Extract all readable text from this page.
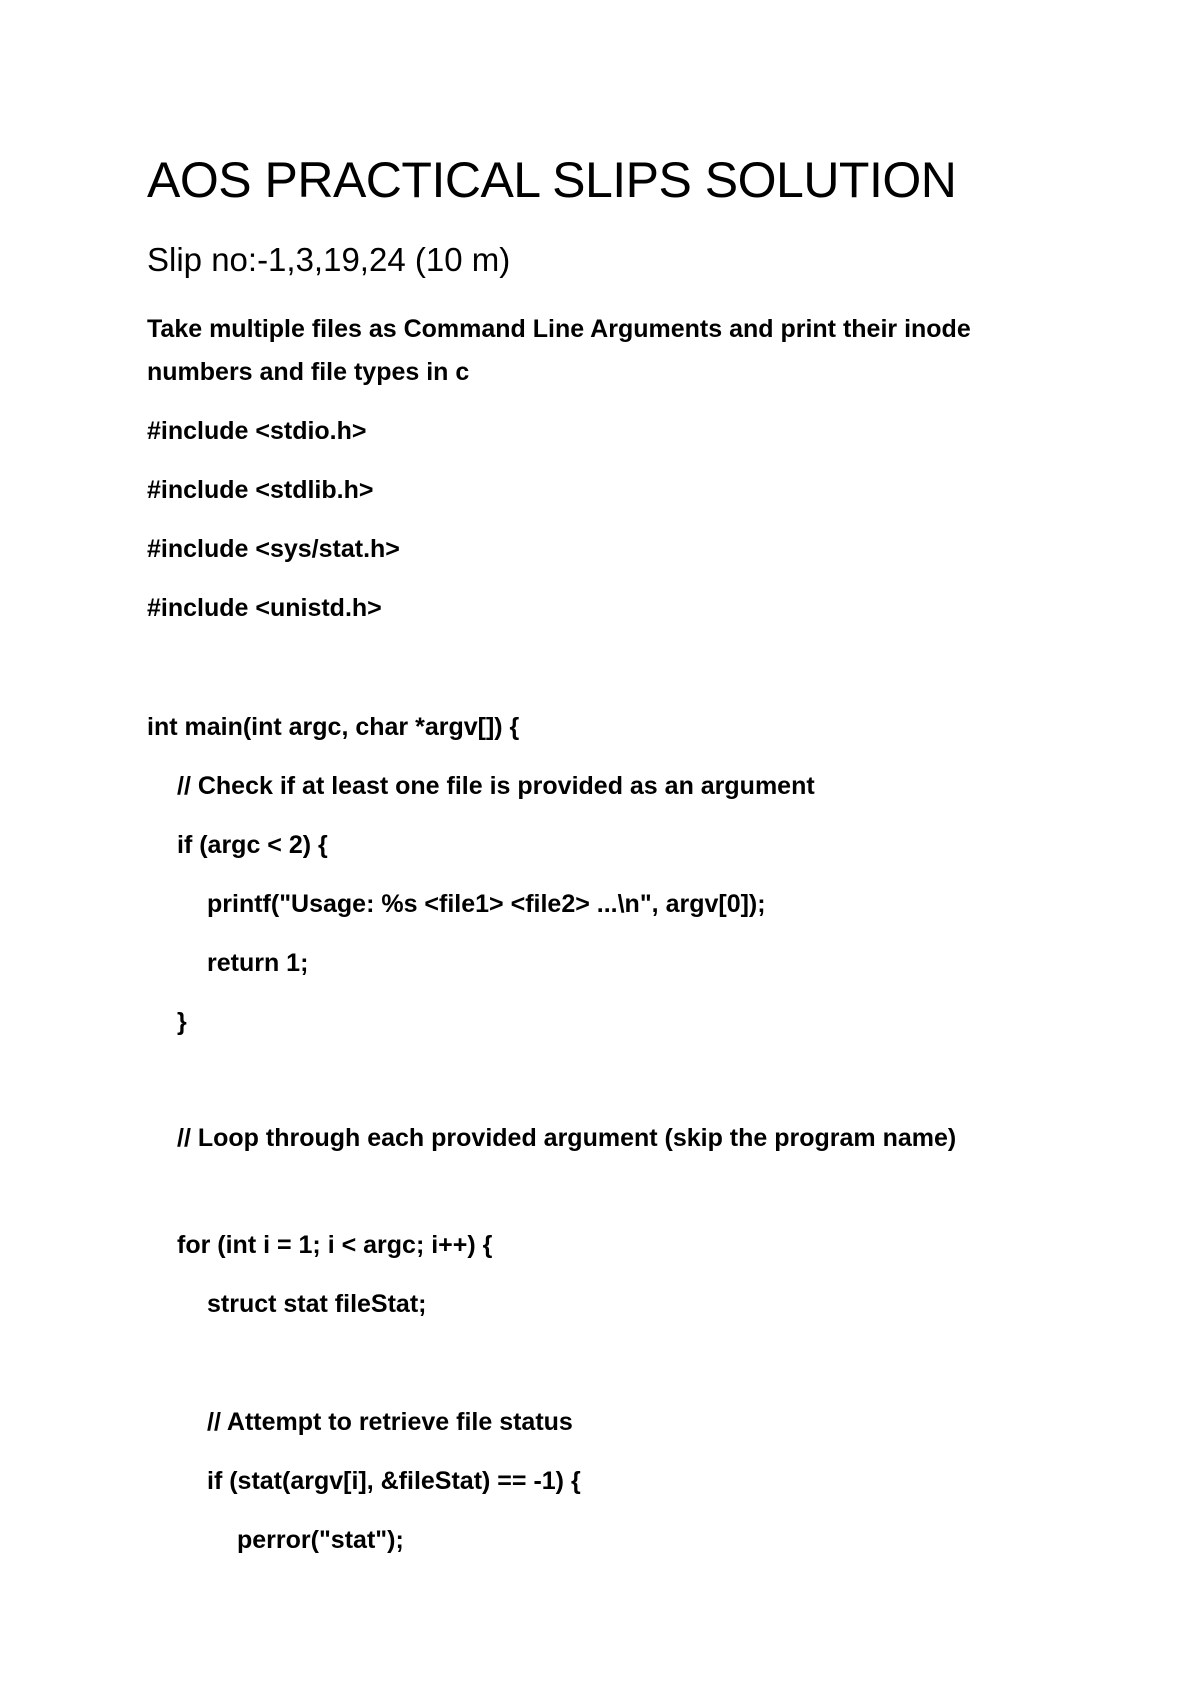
AOS PRACTICAL SLIPS SOLUTION
Slip no:-1,3,19,24 (10 m)
Take multiple files as Command Line Arguments and print their inode numbers and file types in c
#include <stdio.h>
#include <stdlib.h>
#include <sys/stat.h>
#include <unistd.h>
int main(int argc, char *argv[]) {
// Check if at least one file is provided as an argument
if (argc < 2) {
printf("Usage: %s <file1> <file2> ...\n", argv[0]);
return 1;
}
// Loop through each provided argument (skip the program name)
for (int i = 1; i < argc; i++) {
struct stat fileStat;
// Attempt to retrieve file status
if (stat(argv[i], &fileStat) == -1) {
perror("stat");
